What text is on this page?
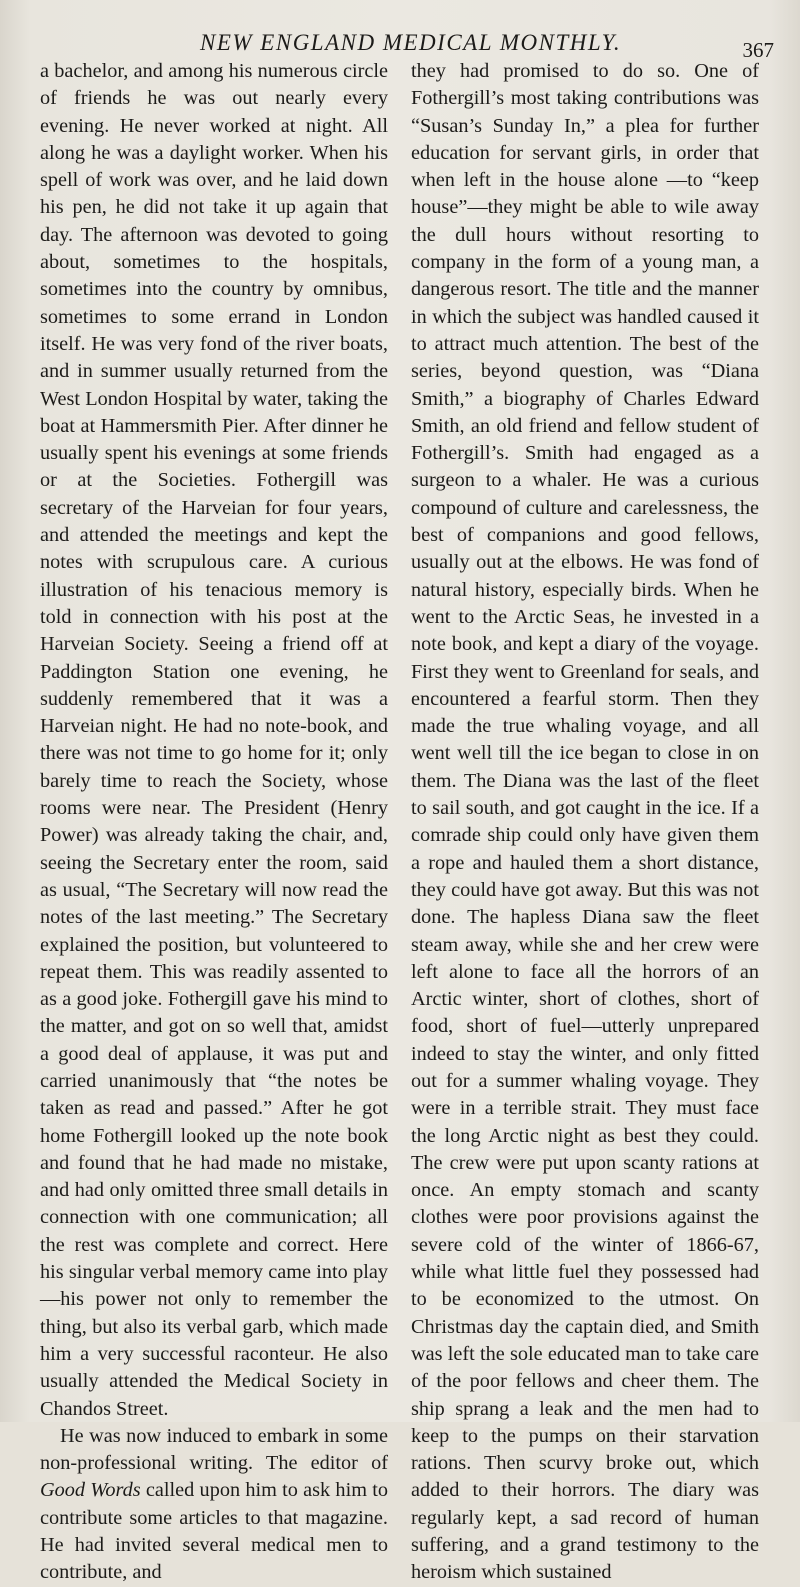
NEW ENGLAND MEDICAL MONTHLY.	367

a bachelor, and among his numerous circle of friends he was out nearly every evening. He never worked at night. All along he was a daylight worker. When his spell of work was over, and he laid down his pen, he did not take it up again that day. The afternoon was devoted to going about, sometimes to the hospitals, sometimes into the country by omnibus, sometimes to some errand in London itself. He was very fond of the river boats, and in summer usually returned from the West London Hospital by water, taking the boat at Hammersmith Pier. After dinner he usually spent his evenings at some friends or at the Societies. Fothergill was secretary of the Harveian for four years, and attended the meetings and kept the notes with scrupulous care. A curious illustration of his tenacious memory is told in connection with his post at the Harveian Society. Seeing a friend off at Paddington Station one evening, he suddenly remembered that it was a Harveian night. He had no note-book, and there was not time to go home for it; only barely time to reach the Society, whose rooms were near. The President (Henry Power) was already taking the chair, and, seeing the Secretary enter the room, said as usual, “The Secretary will now read the notes of the last meeting.” The Secretary explained the position, but volunteered to repeat them. This was readily assented to as a good joke. Fothergill gave his mind to the matter, and got on so well that, amidst a good deal of applause, it was put and carried unanimously that “the notes be taken as read and passed.” After he got home Fothergill looked up the note book and found that he had made no mistake, and had only omitted three small details in connection with one communication; all the rest was complete and correct. Here his singular verbal memory came into play—his power not only to remember the thing, but also its verbal garb, which made him a very successful raconteur. He also usually attended the Medical Society in Chandos Street.

He was now induced to embark in some non-professional writing. The editor of Good Words called upon him to ask him to contribute some articles to that magazine. He had invited several medical men to contribute, and

they had promised to do so. One of Fothergill’s most taking contributions was “Susan’s Sunday In,” a plea for further education for servant girls, in order that when left in the house alone —to “keep house”—they might be able to wile away the dull hours without resorting to company in the form of a young man, a dangerous resort. The title and the manner in which the subject was handled caused it to attract much attention. The best of the series, beyond question, was “Diana Smith,” a biography of Charles Edward Smith, an old friend and fellow student of Fothergill’s. Smith had engaged as a surgeon to a whaler. He was a curious compound of culture and carelessness, the best of companions and good fellows, usually out at the elbows. He was fond of natural history, especially birds. When he went to the Arctic Seas, he invested in a note book, and kept a diary of the voyage. First they went to Greenland for seals, and encountered a fearful storm. Then they made the true whaling voyage, and all went well till the ice began to close in on them. The Diana was the last of the fleet to sail south, and got caught in the ice. If a comrade ship could only have given them a rope and hauled them a short distance, they could have got away. But this was not done. The hapless Diana saw the fleet steam away, while she and her crew were left alone to face all the horrors of an Arctic winter, short of clothes, short of food, short of fuel—utterly unprepared indeed to stay the winter, and only fitted out for a summer whaling voyage. They were in a terrible strait. They must face the long Arctic night as best they could. The crew were put upon scanty rations at once. An empty stomach and scanty clothes were poor provisions against the severe cold of the winter of 1866-67, while what little fuel they possessed had to be economized to the utmost. On Christmas day the captain died, and Smith was left the sole educated man to take care of the poor fellows and cheer them. The ship sprang a leak and the men had to keep to the pumps on their starvation rations. Then scurvy broke out, which added to their horrors. The diary was regularly kept, a sad record of human suffering, and a grand testimony to the heroism which sustained
